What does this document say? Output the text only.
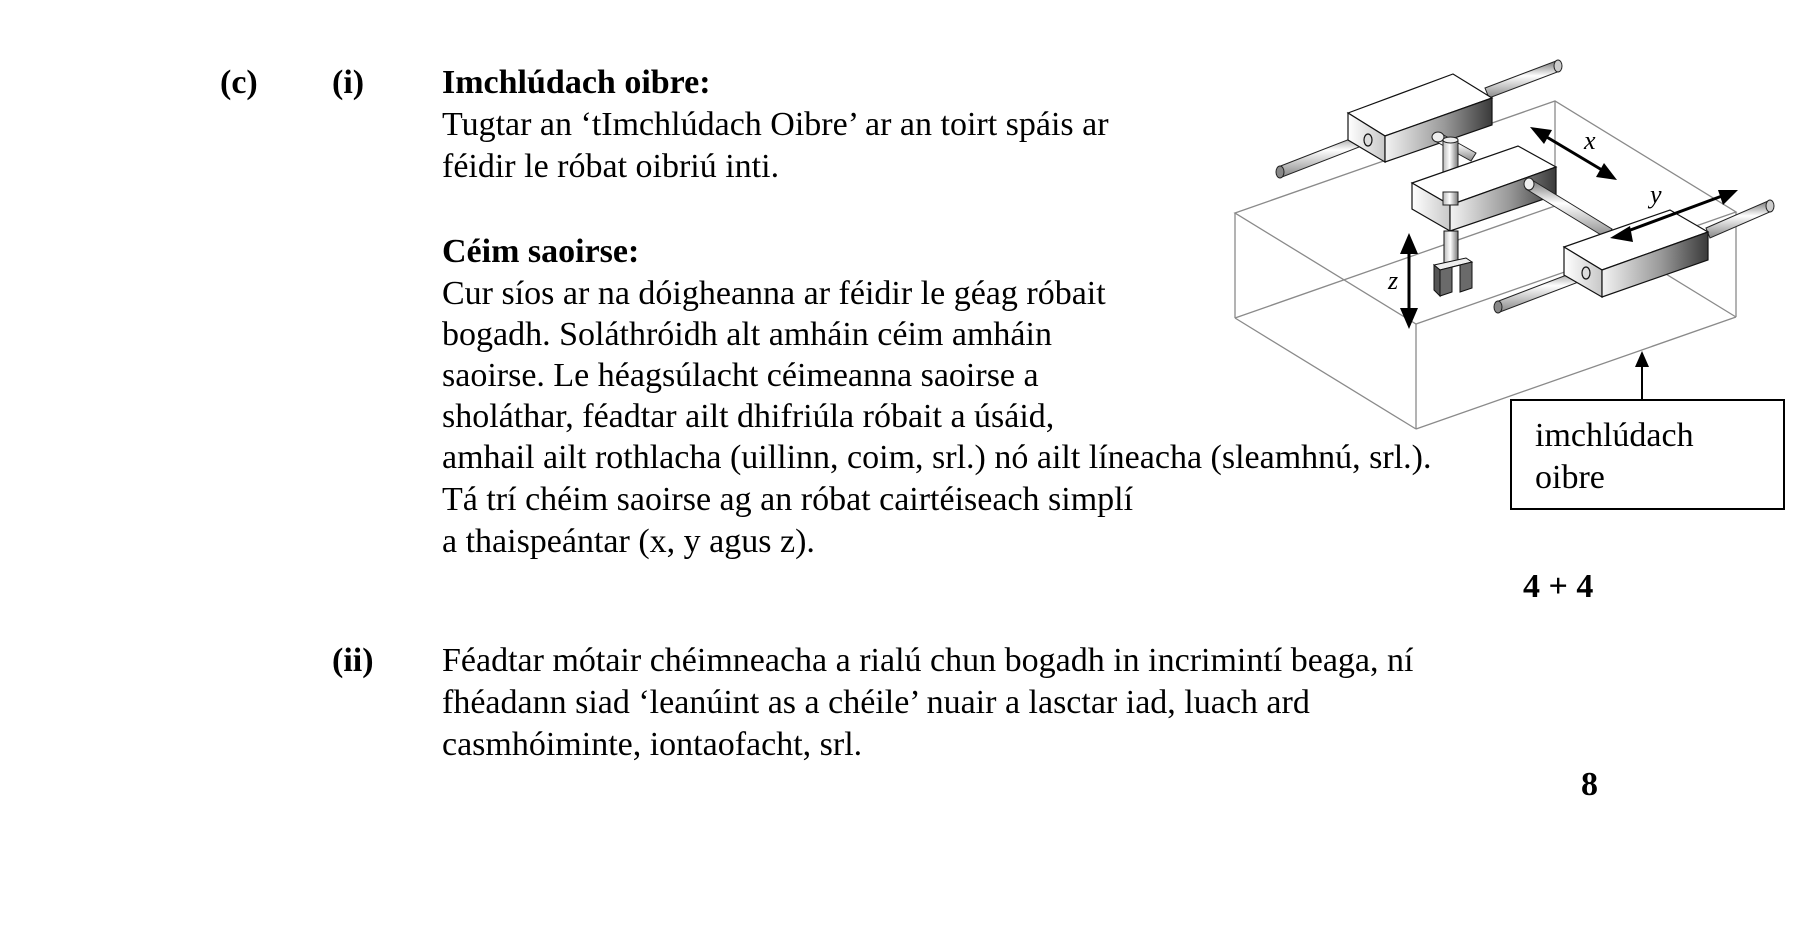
(c) (i) Imchlúdach oibre:
Tugtar an ‘tImchlúdach Oibre’ ar an toirt spáis ar
féidir le róbat oibriú inti.
Céim saoirse:
Cur síos ar na dóigheanna ar féidir le géag róbait
bogadh. Soláthróidh alt amháin céim amháin
saoirse. Le héagsúlacht céimeanna saoirse a
sholáthar, féadtar ailt dhifriúla róbait a úsáid,
amhail ailt rothlacha (uillinn, coim, srl.) nó ailt líneacha (sleamhnú, srl.).
Tá trí chéim saoirse ag an róbat cairtéiseach simplí
a thaispeántar (x, y agus z).
4 + 4
x
y
z
imchlúdach
oibre
(ii) Féadtar mótair chéimneacha a rialú chun bogadh in incrimintí beaga, ní
fhéadann siad ‘leanúint as a chéile’ nuair a lasctar iad, luach ard
casmhóiminte, iontaofacht, srl.
8
